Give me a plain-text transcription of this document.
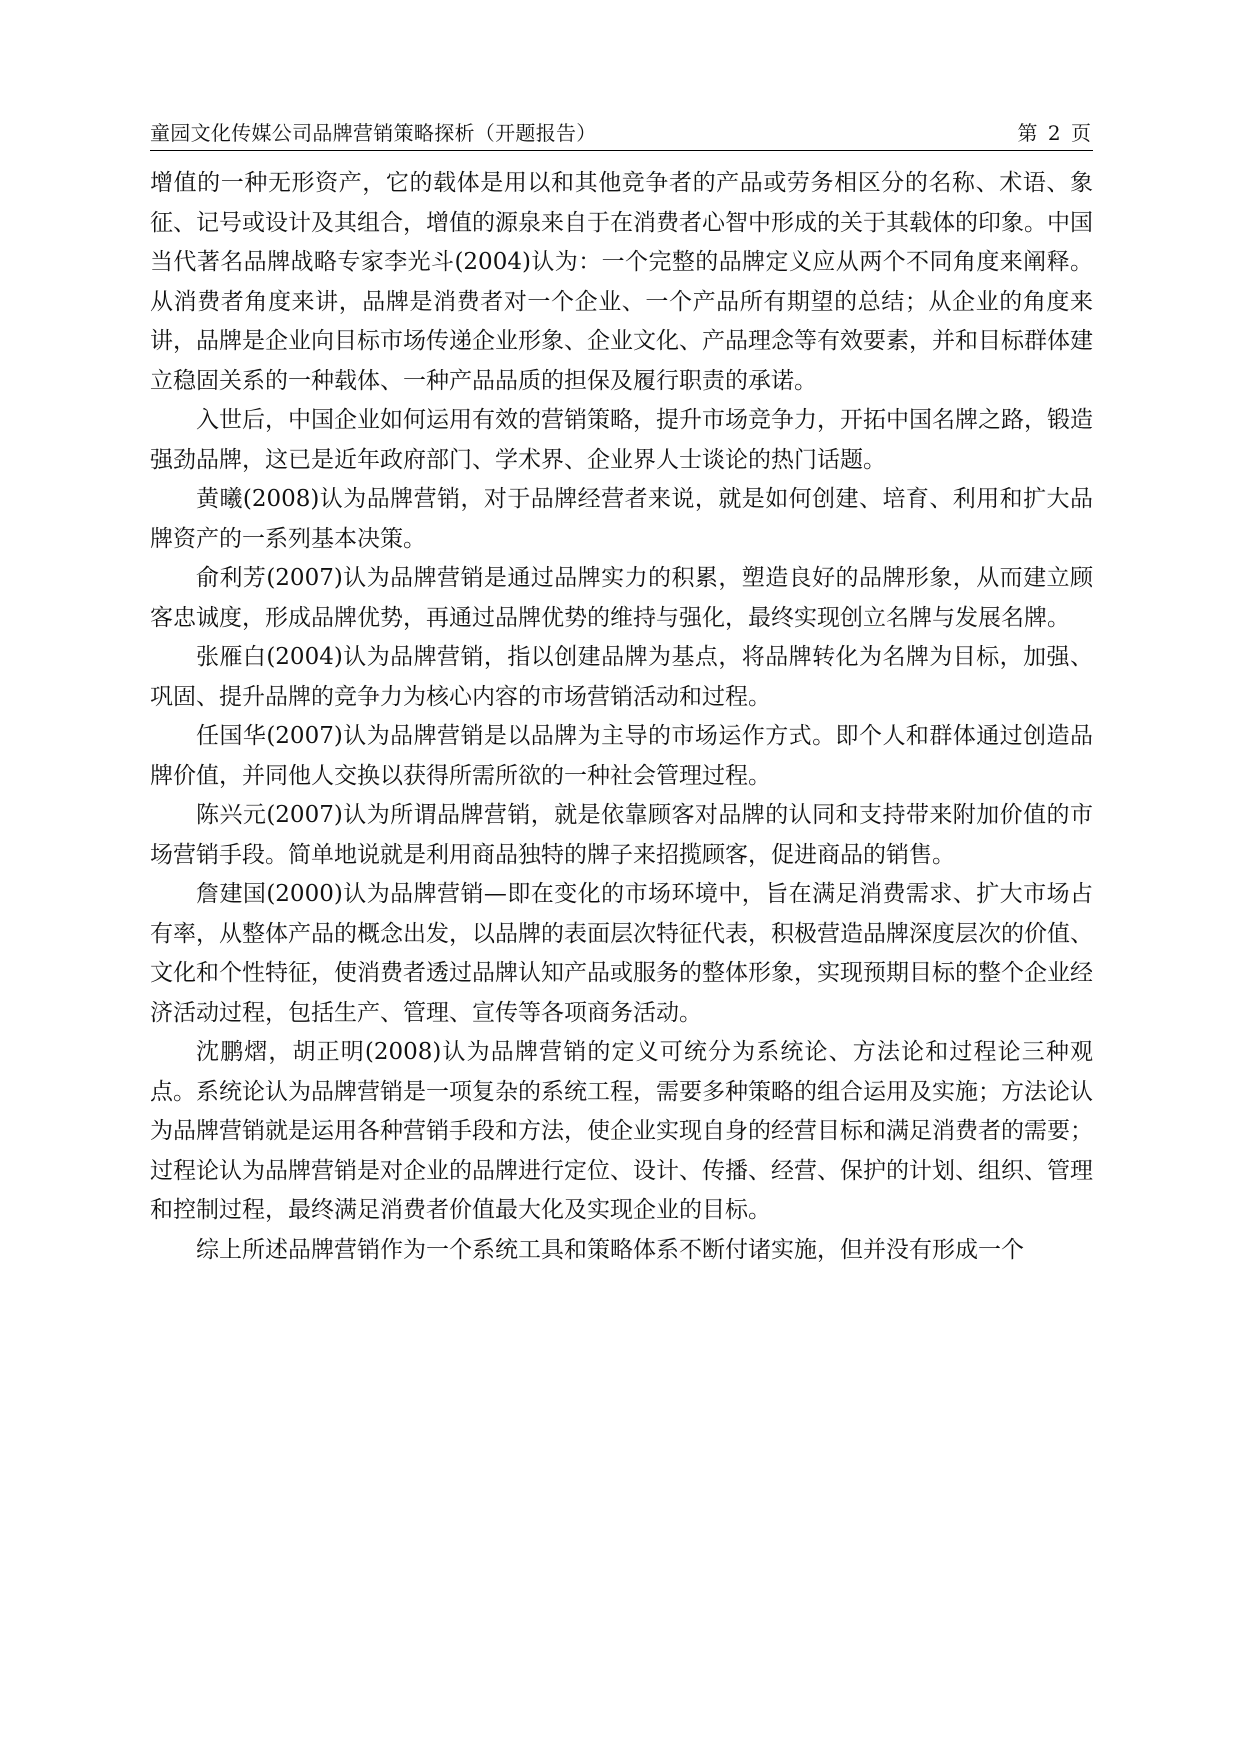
童园文化传媒公司品牌营销策略探析（开题报告）	第 2 页

增值的一种无形资产，它的载体是用以和其他竞争者的产品或劳务相区分的名称、术语、象征、记号或设计及其组合，增值的源泉来自于在消费者心智中形成的关于其载体的印象。中国当代著名品牌战略专家李光斗(2004)认为：一个完整的品牌定义应从两个不同角度来阐释。从消费者角度来讲，品牌是消费者对一个企业、一个产品所有期望的总结；从企业的角度来讲，品牌是企业向目标市场传递企业形象、企业文化、产品理念等有效要素，并和目标群体建立稳固关系的一种载体、一种产品品质的担保及履行职责的承诺。

入世后，中国企业如何运用有效的营销策略，提升市场竞争力，开拓中国名牌之路，锻造强劲品牌，这已是近年政府部门、学术界、企业界人士谈论的热门话题。

黄曦(2008)认为品牌营销，对于品牌经营者来说，就是如何创建、培育、利用和扩大品牌资产的一系列基本决策。

俞利芳(2007)认为品牌营销是通过品牌实力的积累，塑造良好的品牌形象，从而建立顾客忠诚度，形成品牌优势，再通过品牌优势的维持与强化，最终实现创立名牌与发展名牌。

张雁白(2004)认为品牌营销，指以创建品牌为基点，将品牌转化为名牌为目标，加强、巩固、提升品牌的竞争力为核心内容的市场营销活动和过程。

任国华(2007)认为品牌营销是以品牌为主导的市场运作方式。即个人和群体通过创造品牌价值，并同他人交换以获得所需所欲的一种社会管理过程。

陈兴元(2007)认为所谓品牌营销，就是依靠顾客对品牌的认同和支持带来附加价值的市场营销手段。简单地说就是利用商品独特的牌子来招揽顾客，促进商品的销售。

詹建国(2000)认为品牌营销—即在变化的市场环境中，旨在满足消费需求、扩大市场占有率，从整体产品的概念出发，以品牌的表面层次特征代表，积极营造品牌深度层次的价值、文化和个性特征，使消费者透过品牌认知产品或服务的整体形象，实现预期目标的整个企业经济活动过程，包括生产、管理、宣传等各项商务活动。

沈鹏熠，胡正明(2008)认为品牌营销的定义可统分为系统论、方法论和过程论三种观点。系统论认为品牌营销是一项复杂的系统工程，需要多种策略的组合运用及实施；方法论认为品牌营销就是运用各种营销手段和方法，使企业实现自身的经营目标和满足消费者的需要；过程论认为品牌营销是对企业的品牌进行定位、设计、传播、经营、保护的计划、组织、管理和控制过程，最终满足消费者价值最大化及实现企业的目标。

综上所述品牌营销作为一个系统工具和策略体系不断付诸实施，但并没有形成一个
